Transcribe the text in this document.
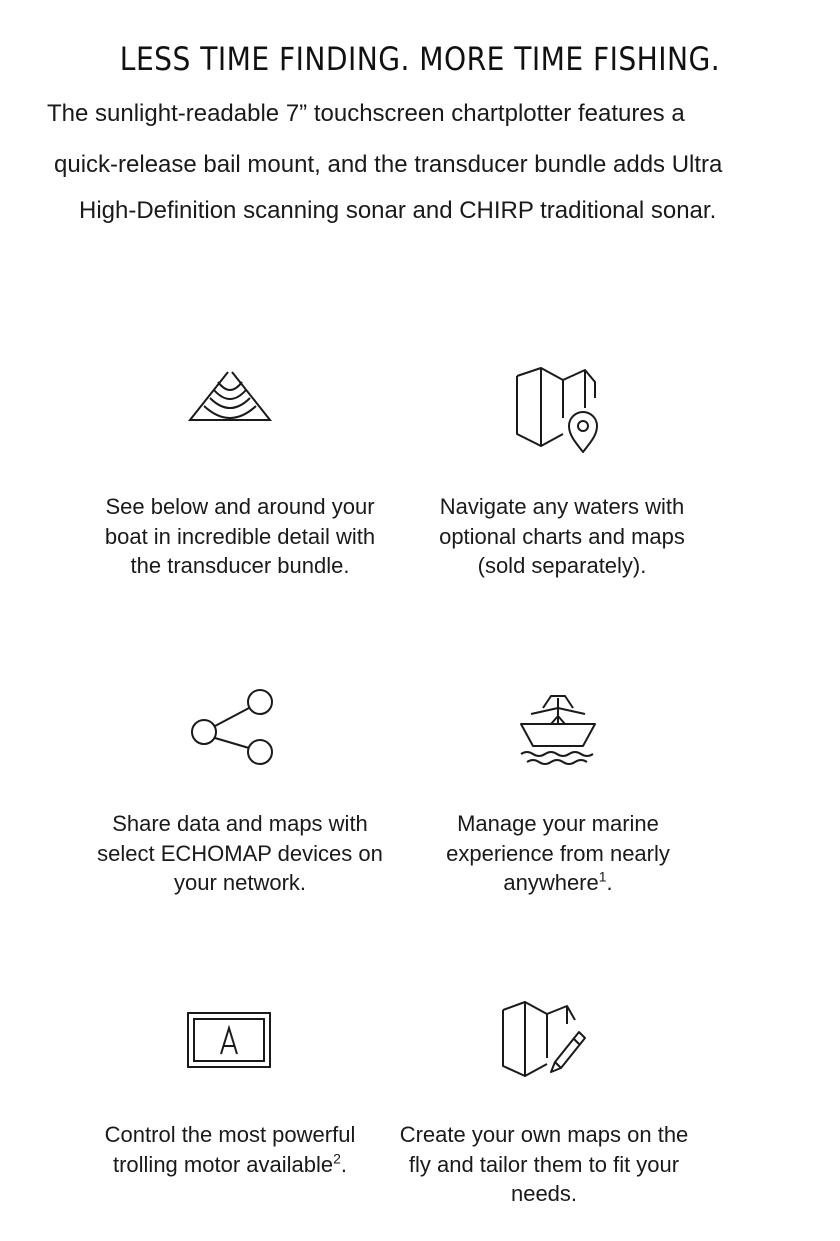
LESS TIME FINDING. MORE TIME FISHING.

The sunlight-readable 7” touchscreen chartplotter features a

quick-release bail mount, and the transducer bundle adds Ultra

High-Definition scanning sonar and CHIRP traditional sonar.

See below and around your
boat in incredible detail with
the transducer bundle.

Navigate any waters with
optional charts and maps
(sold separately).

Share data and maps with
select ECHOMAP devices on
your network.

Manage your marine
experience from nearly
anywhere$^1$.

Control the most powerful
trolling motor available$^2$.

Create your own maps on the
fly and tailor them to fit your
needs.
